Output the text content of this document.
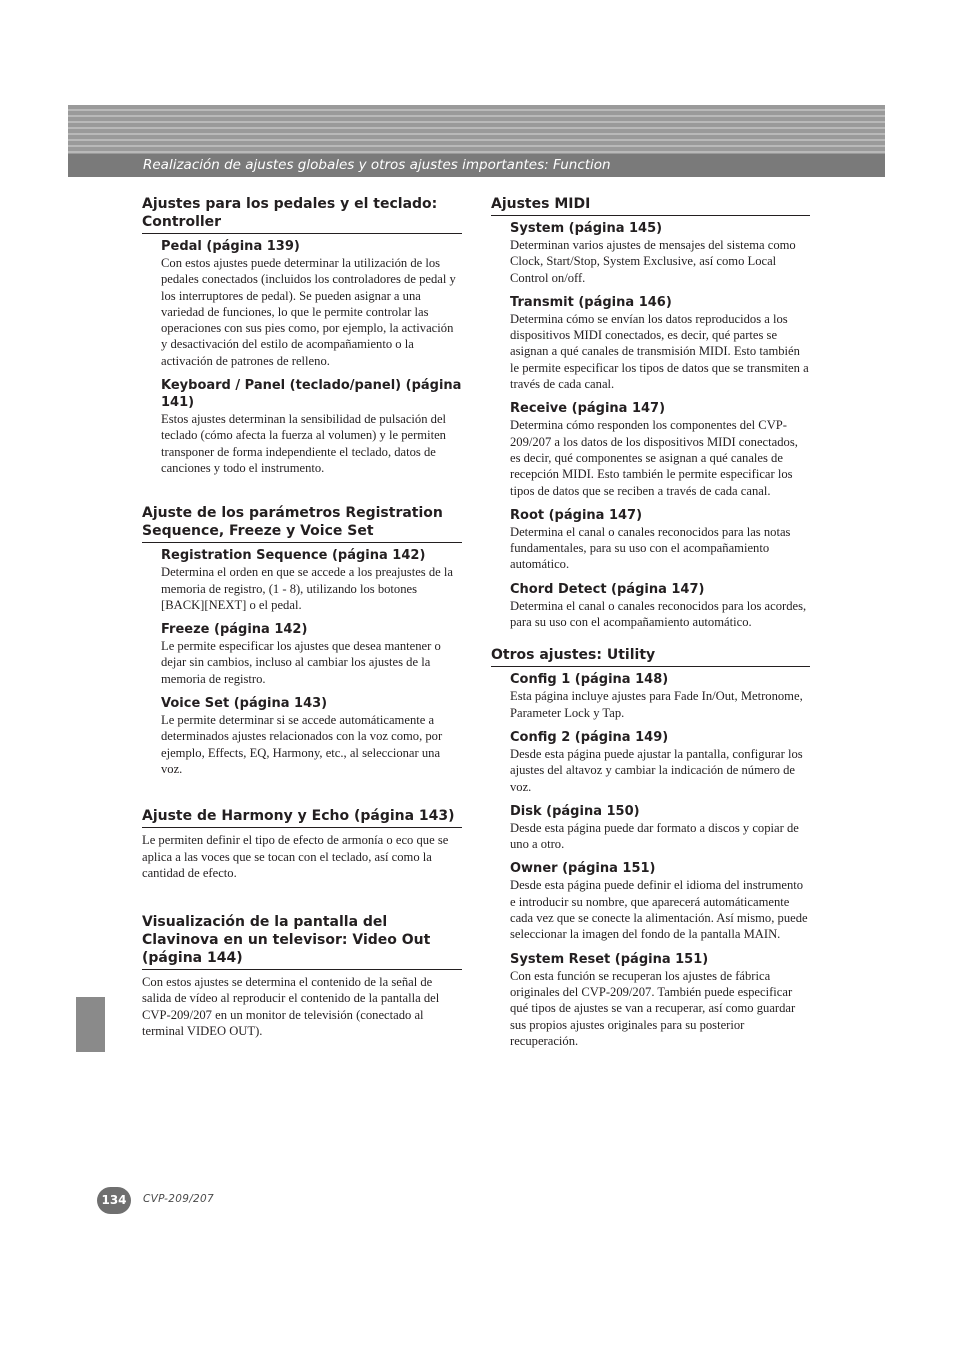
Realización de ajustes globales y otros ajustes importantes: Function
Ajustes para los pedales y el teclado: Controller

Pedal (página 139)

Con estos ajustes puede determinar la utilización de los pedales conectados (incluidos los controladores de pedal y los interruptores de pedal). Se pueden asignar a una variedad de funciones, lo que le permite controlar las operaciones con sus pies como, por ejemplo, la activación y desactivación del estilo de acompañamiento o la activación de patrones de relleno.

Keyboard / Panel (teclado/panel) (página 141)

Estos ajustes determinan la sensibilidad de pulsación del teclado (cómo afecta la fuerza al volumen) y le permiten transponer de forma independiente el teclado, datos de canciones y todo el instrumento.

Ajuste de los parámetros Registration Sequence, Freeze y Voice Set

Registration Sequence (página 142)

Determina el orden en que se accede a los preajustes de la memoria de registro, (1 - 8), utilizando los botones [BACK][NEXT] o el pedal.

Freeze (página 142)

Le permite especificar los ajustes que desea mantener o dejar sin cambios, incluso al cambiar los ajustes de la memoria de registro.

Voice Set (página 143)

Le permite determinar si se accede automáticamente a determinados ajustes relacionados con la voz como, por ejemplo, Effects, EQ, Harmony, etc., al seleccionar una voz.

Ajuste de Harmony y Echo (página 143)

Le permiten definir el tipo de efecto de armonía o eco que se aplica a las voces que se tocan con el teclado, así como la cantidad de efecto.

Visualización de la pantalla del Clavinova en un televisor: Video Out (página 144)

Con estos ajustes se determina el contenido de la señal de salida de vídeo al reproducir el contenido de la pantalla del CVP-209/207 en un monitor de televisión (conectado al terminal VIDEO OUT).

Ajustes MIDI

System (página 145)

Determinan varios ajustes de mensajes del sistema como Clock, Start/Stop, System Exclusive, así como Local Control on/off.

Transmit (página 146)

Determina cómo se envían los datos reproducidos a los dispositivos MIDI conectados, es decir, qué partes se asignan a qué canales de transmisión MIDI. Esto también le permite especificar los tipos de datos que se transmiten a través de cada canal.

Receive (página 147)

Determina cómo responden los componentes del CVP-209/207 a los datos de los dispositivos MIDI conectados, es decir, qué componentes se asignan a qué canales de recepción MIDI. Esto también le permite especificar los tipos de datos que se reciben a través de cada canal.

Root (página 147)

Determina el canal o canales reconocidos para las notas fundamentales, para su uso con el acompañamiento automático.

Chord Detect (página 147)

Determina el canal o canales reconocidos para los acordes, para su uso con el acompañamiento automático.

Otros ajustes: Utility

Config 1 (página 148)

Esta página incluye ajustes para Fade In/Out, Metronome, Parameter Lock y Tap.

Config 2 (página 149)

Desde esta página puede ajustar la pantalla, configurar los ajustes del altavoz y cambiar la indicación de número de voz.

Disk (página 150)

Desde esta página puede dar formato a discos y copiar de uno a otro.

Owner (página 151)

Desde esta página puede definir el idioma del instrumento e introducir su nombre, que aparecerá automáticamente cada vez que se conecte la alimentación. Así mismo, puede seleccionar la imagen del fondo de la pantalla MAIN.

System Reset (página 151)

Con esta función se recuperan los ajustes de fábrica originales del CVP-209/207. También puede especificar qué tipos de ajustes se van a recuperar, así como guardar sus propios ajustes originales para su posterior recuperación.

134	CVP-209/207
